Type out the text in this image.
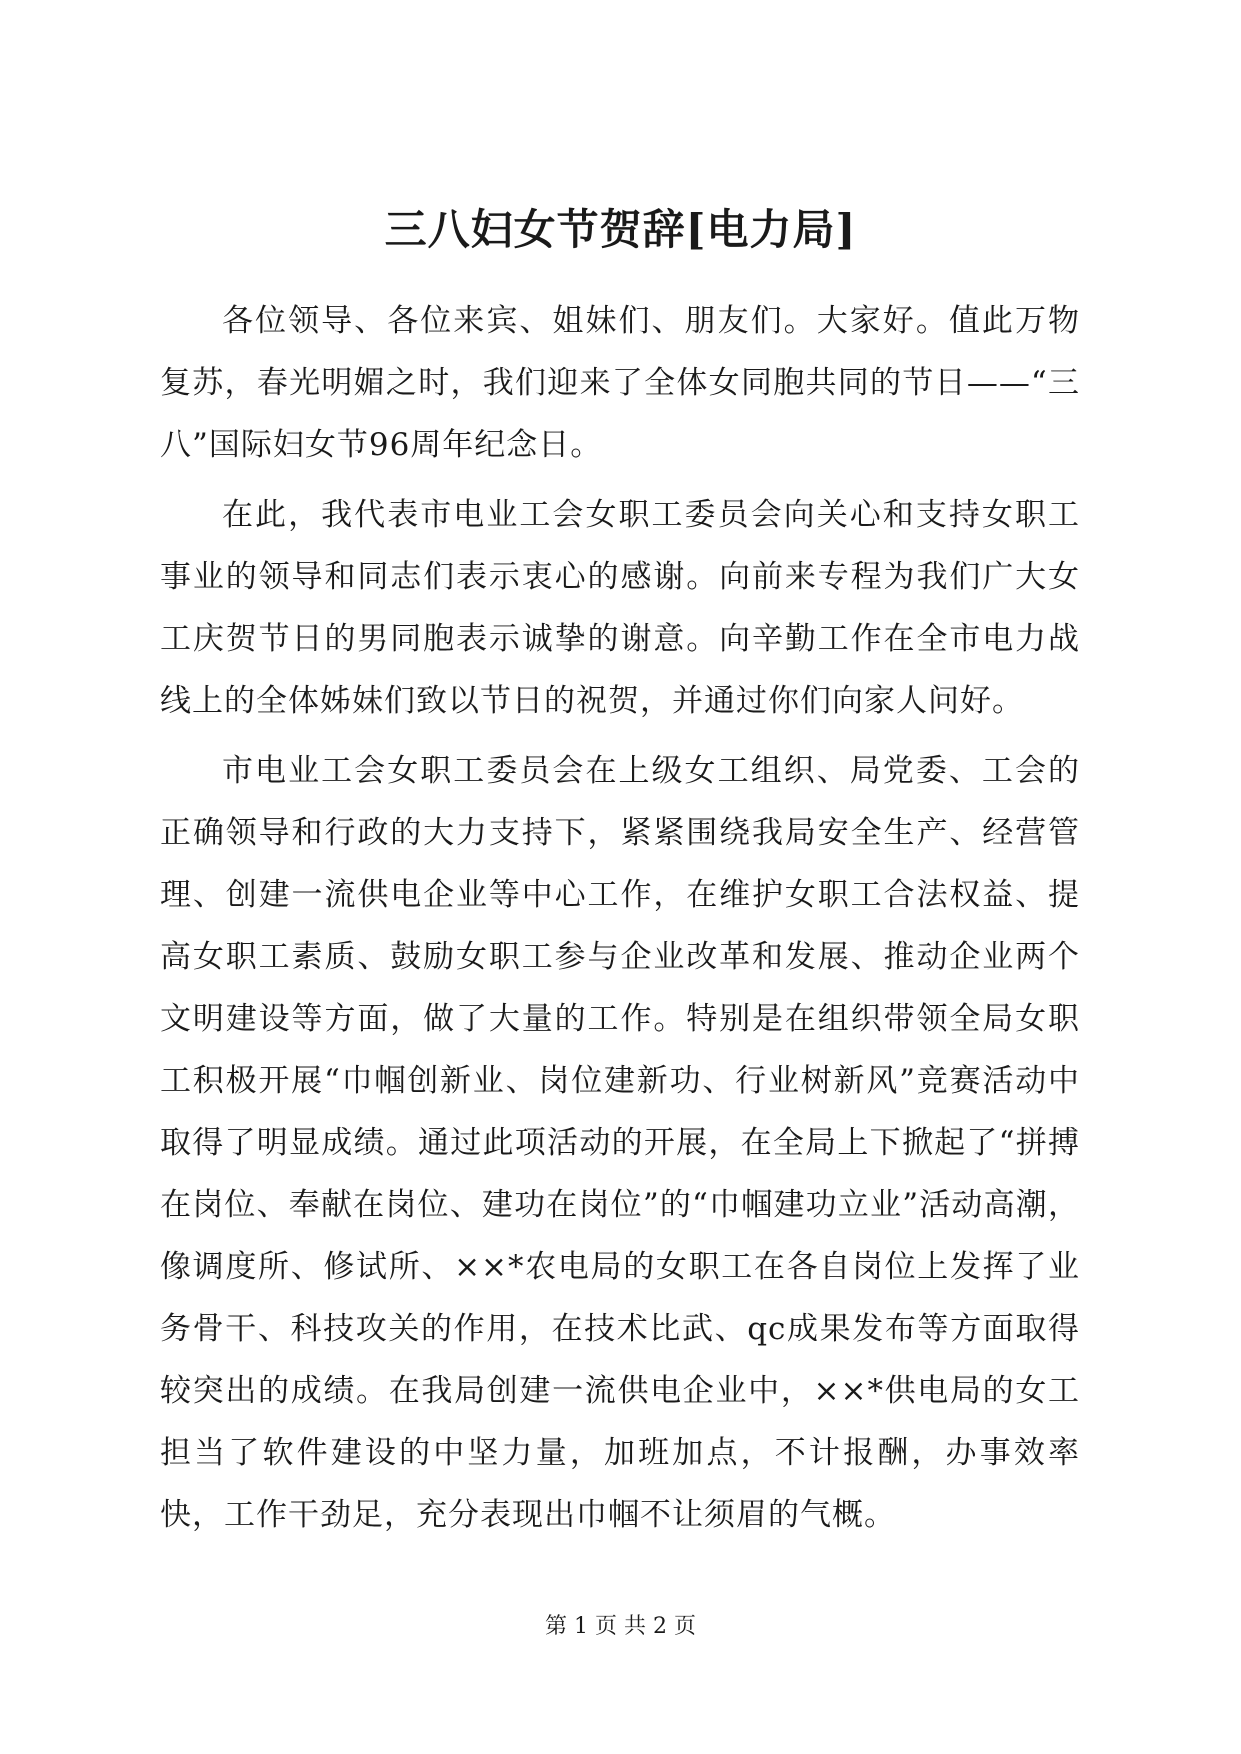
三八妇女节贺辞[电力局]

各位领导、各位来宾、姐妹们、朋友们。大家好。值此万物复苏，春光明媚之时，我们迎来了全体女同胞共同的节日——“三八”国际妇女节96周年纪念日。

在此，我代表市电业工会女职工委员会向关心和支持女职工事业的领导和同志们表示衷心的感谢。向前来专程为我们广大女工庆贺节日的男同胞表示诚挚的谢意。向辛勤工作在全市电力战线上的全体姊妹们致以节日的祝贺，并通过你们向家人问好。

市电业工会女职工委员会在上级女工组织、局党委、工会的正确领导和行政的大力支持下，紧紧围绕我局安全生产、经营管理、创建一流供电企业等中心工作，在维护女职工合法权益、提高女职工素质、鼓励女职工参与企业改革和发展、推动企业两个文明建设等方面，做了大量的工作。特别是在组织带领全局女职工积极开展“巾帼创新业、岗位建新功、行业树新风”竞赛活动中取得了明显成绩。通过此项活动的开展，在全局上下掀起了“拼搏在岗位、奉献在岗位、建功在岗位”的“巾帼建功立业”活动高潮，像调度所、修试所、××*农电局的女职工在各自岗位上发挥了业务骨干、科技攻关的作用，在技术比武、qc成果发布等方面取得较突出的成绩。在我局创建一流供电企业中，××*供电局的女工担当了软件建设的中坚力量，加班加点，不计报酬，办事效率快，工作干劲足，充分表现出巾帼不让须眉的气概。

第 1 页 共 2 页
